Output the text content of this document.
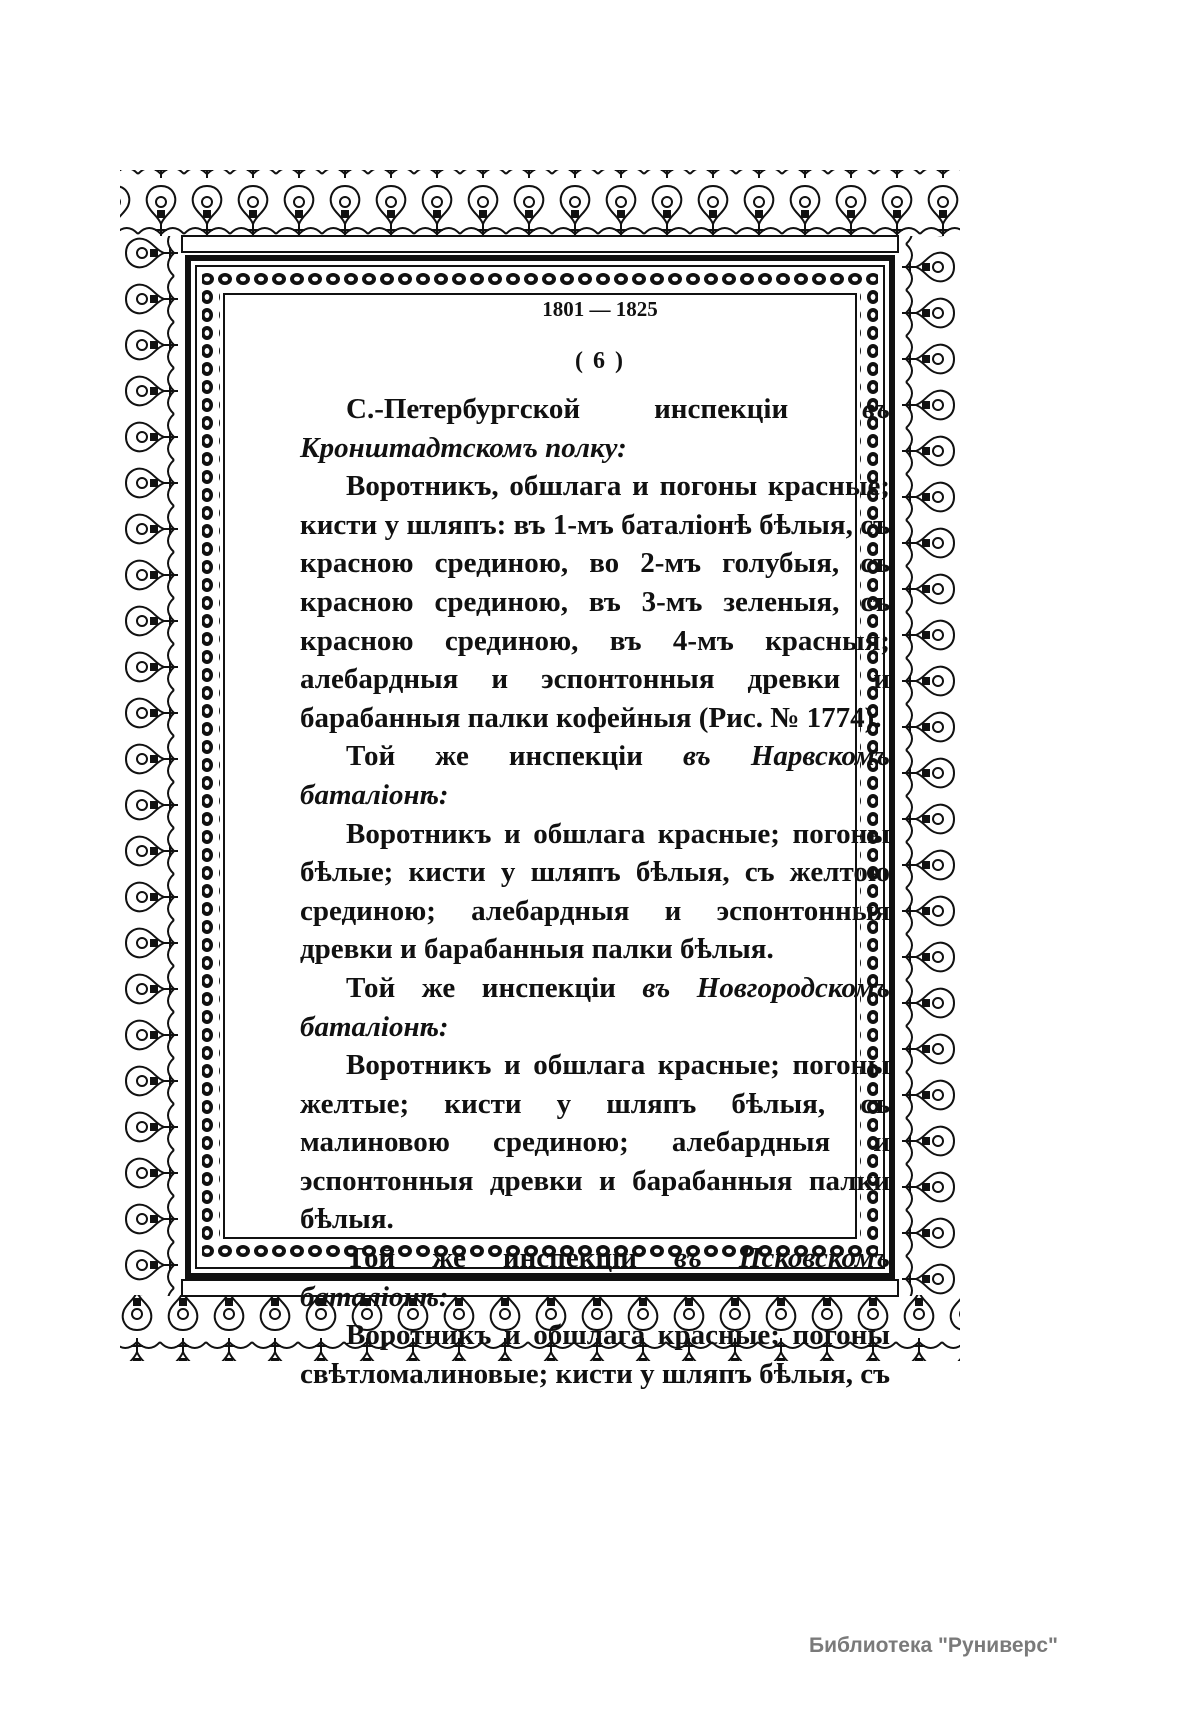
1801 — 1825
( 6 )

С.-Петербургской инспекціи въ Кронштадтскомъ полку:

Воротникъ, обшлага и погоны красные; кисти у шляпъ: въ 1-мъ баталіонѣ бѣлыя, съ красною срединою, во 2-мъ голубыя, съ красною срединою, въ 3-мъ зеленыя, съ красною срединою, въ 4-мъ красныя; алебардныя и эспонтонныя древки и барабанныя палки кофейныя (Рис. № 1774).

Той же инспекціи въ Нарвскомъ баталіонѣ:

Воротникъ и обшлага красные; погоны бѣлые; кисти у шляпъ бѣлыя, съ желтою срединою; алебардныя и эспонтонныя древки и барабанныя палки бѣлыя.

Той же инспекціи въ Новгородскомъ баталіонѣ:

Воротникъ и обшлага красные; погоны желтые; кисти у шляпъ бѣлыя, съ малиновою срединою; алебардныя и эспонтонныя древки и барабанныя палки бѣлыя.

Той же инспекціи въ Псковскомъ баталіонѣ:

Воротникъ и обшлага красные; погоны свѣтломалиновые; кисти у шляпъ бѣлыя, съ

Библиотека "Руниверс"
